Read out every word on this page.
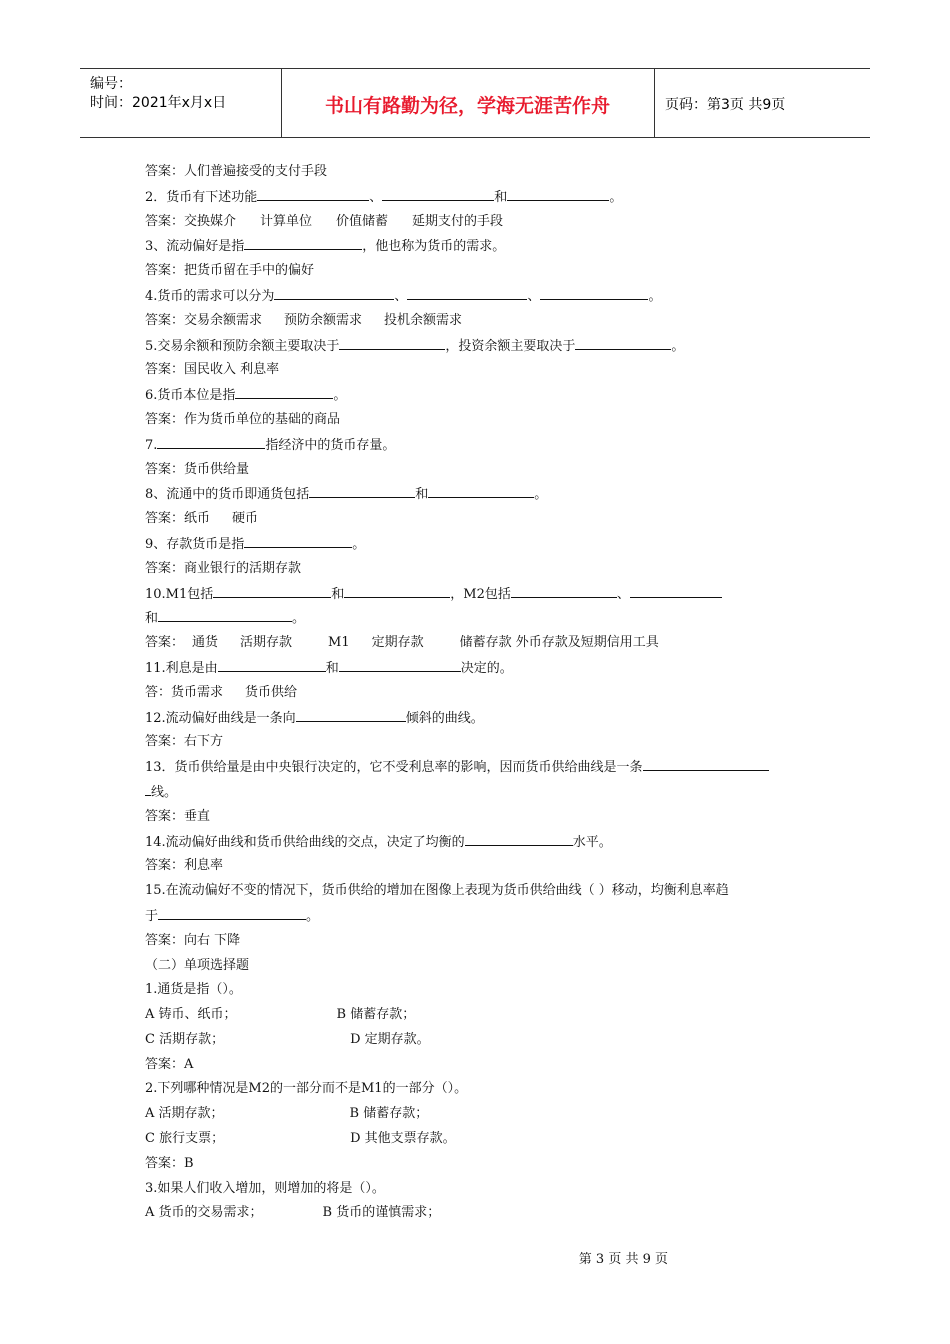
编号：
时间：2021年x月x日	书山有路勤为径，学海无涯苦作舟	页码：第3页 共9页
答案：人们普遍接受的支付手段
2．货币有下述功能	、	和	。
答案：交换媒介 计算单位 价值储蓄 延期支付的手段
3、流动偏好是指	，他也称为货币的需求。
答案：把货币留在手中的偏好
4.货币的需求可以分为	、	、	。
答案：交易余额需求 预防余额需求 投机余额需求
5.交易余额和预防余额主要取决于	，投资余额主要取决于	。
答案：国民收入 利息率
6.货币本位是指	。
答案：作为货币单位的基础的商品
7.	指经济中的货币存量。
答案：货币供给量
8、流通中的货币即通货包括	和	。
答案：纸币 硬币
9、存款货币是指	。
答案：商业银行的活期存款
10.M1包括	和	，M2包括	、
和	。
答案： 通货 活期存款	M1 定期存款	储蓄存款 外币存款及短期信用工具
11.利息是由	和	决定的。
答：货币需求 货币供给
12.流动偏好曲线是一条向	倾斜的曲线。
答案：右下方
13．货币供给量是由中央银行决定的，它不受利息率的影响，因而货币供给曲线是一条
线。
答案：垂直
14.流动偏好曲线和货币供给曲线的交点，决定了均衡的	水平。
答案：利息率
15.在流动偏好不变的情况下，货币供给的增加在图像上表现为货币供给曲线（ ）移动，均衡利息率趋
于	。
答案：向右 下降
（二）单项选择题
1.通货是指（）。
A 铸币、纸币；	B 储蓄存款；
C 活期存款；	D 定期存款。
答案：A
2.下列哪种情况是M2的一部分而不是M1的一部分（）。
A 活期存款；	B 储蓄存款；
C 旅行支票；	D 其他支票存款。
答案：B
3.如果人们收入增加，则增加的将是（）。
A 货币的交易需求；	B 货币的谨慎需求；
第 3 页 共 9 页
